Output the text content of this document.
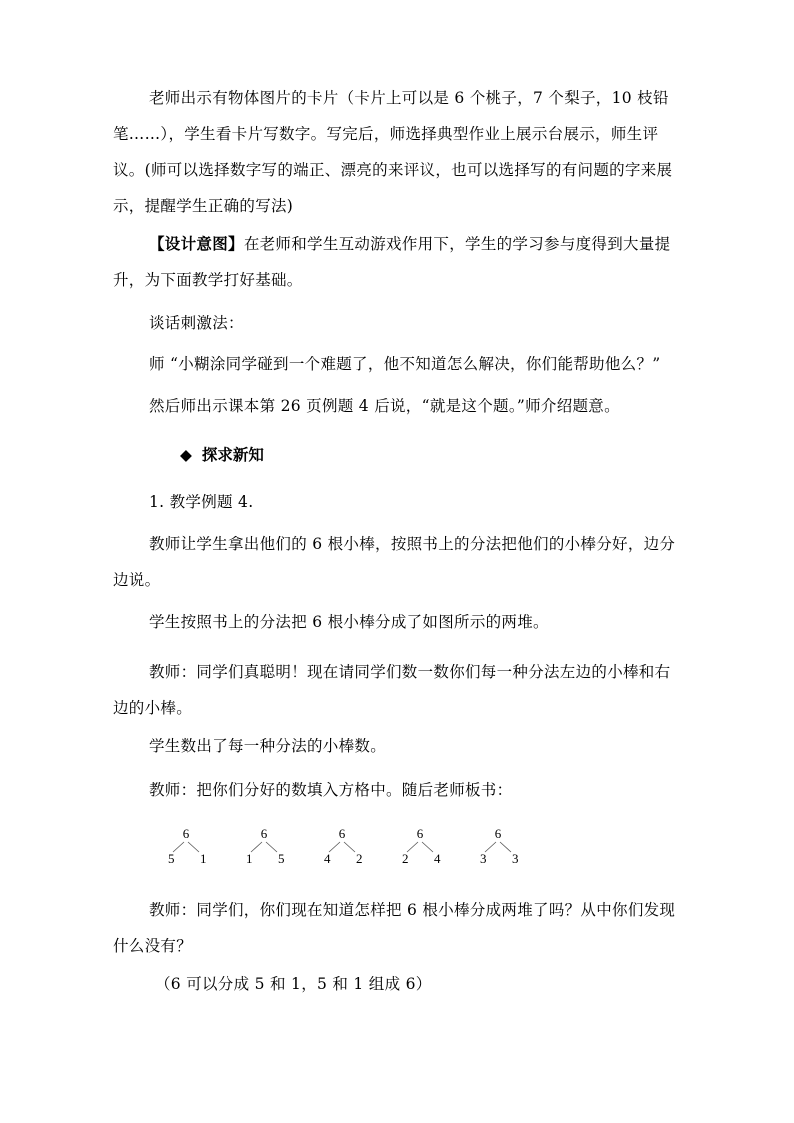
老师出示有物体图片的卡片（卡片上可以是 6 个桃子，7 个梨子，10 枝铅笔……），学生看卡片写数字。写完后，师选择典型作业上展示台展示，师生评议。(师可以选择数字写的端正、漂亮的来评议，也可以选择写的有问题的字来展示，提醒学生正确的写法)

【设计意图】在老师和学生互动游戏作用下，学生的学习参与度得到大量提升，为下面教学打好基础。

谈话刺激法：

师 “小糊涂同学碰到一个难题了，他不知道怎么解决，你们能帮助他么？”

然后师出示课本第 26 页例题 4 后说，“就是这个题。”师介绍题意。

◆ 探求新知

1. 教学例题 4.

教师让学生拿出他们的 6 根小棒，按照书上的分法把他们的小棒分好，边分边说。

学生按照书上的分法把 6 根小棒分成了如图所示的两堆。

教师：同学们真聪明！现在请同学们数一数你们每一种分法左边的小棒和右边的小棒。

学生数出了每一种分法的小棒数。

教师：把你们分好的数填入方格中。随后老师板书：

6
5 1
6
1 5
6
4 2
6
2 4
6
3 3

教师：同学们，你们现在知道怎样把 6 根小棒分成两堆了吗？从中你们发现什么没有？

（6 可以分成 5 和 1，5 和 1 组成 6）
